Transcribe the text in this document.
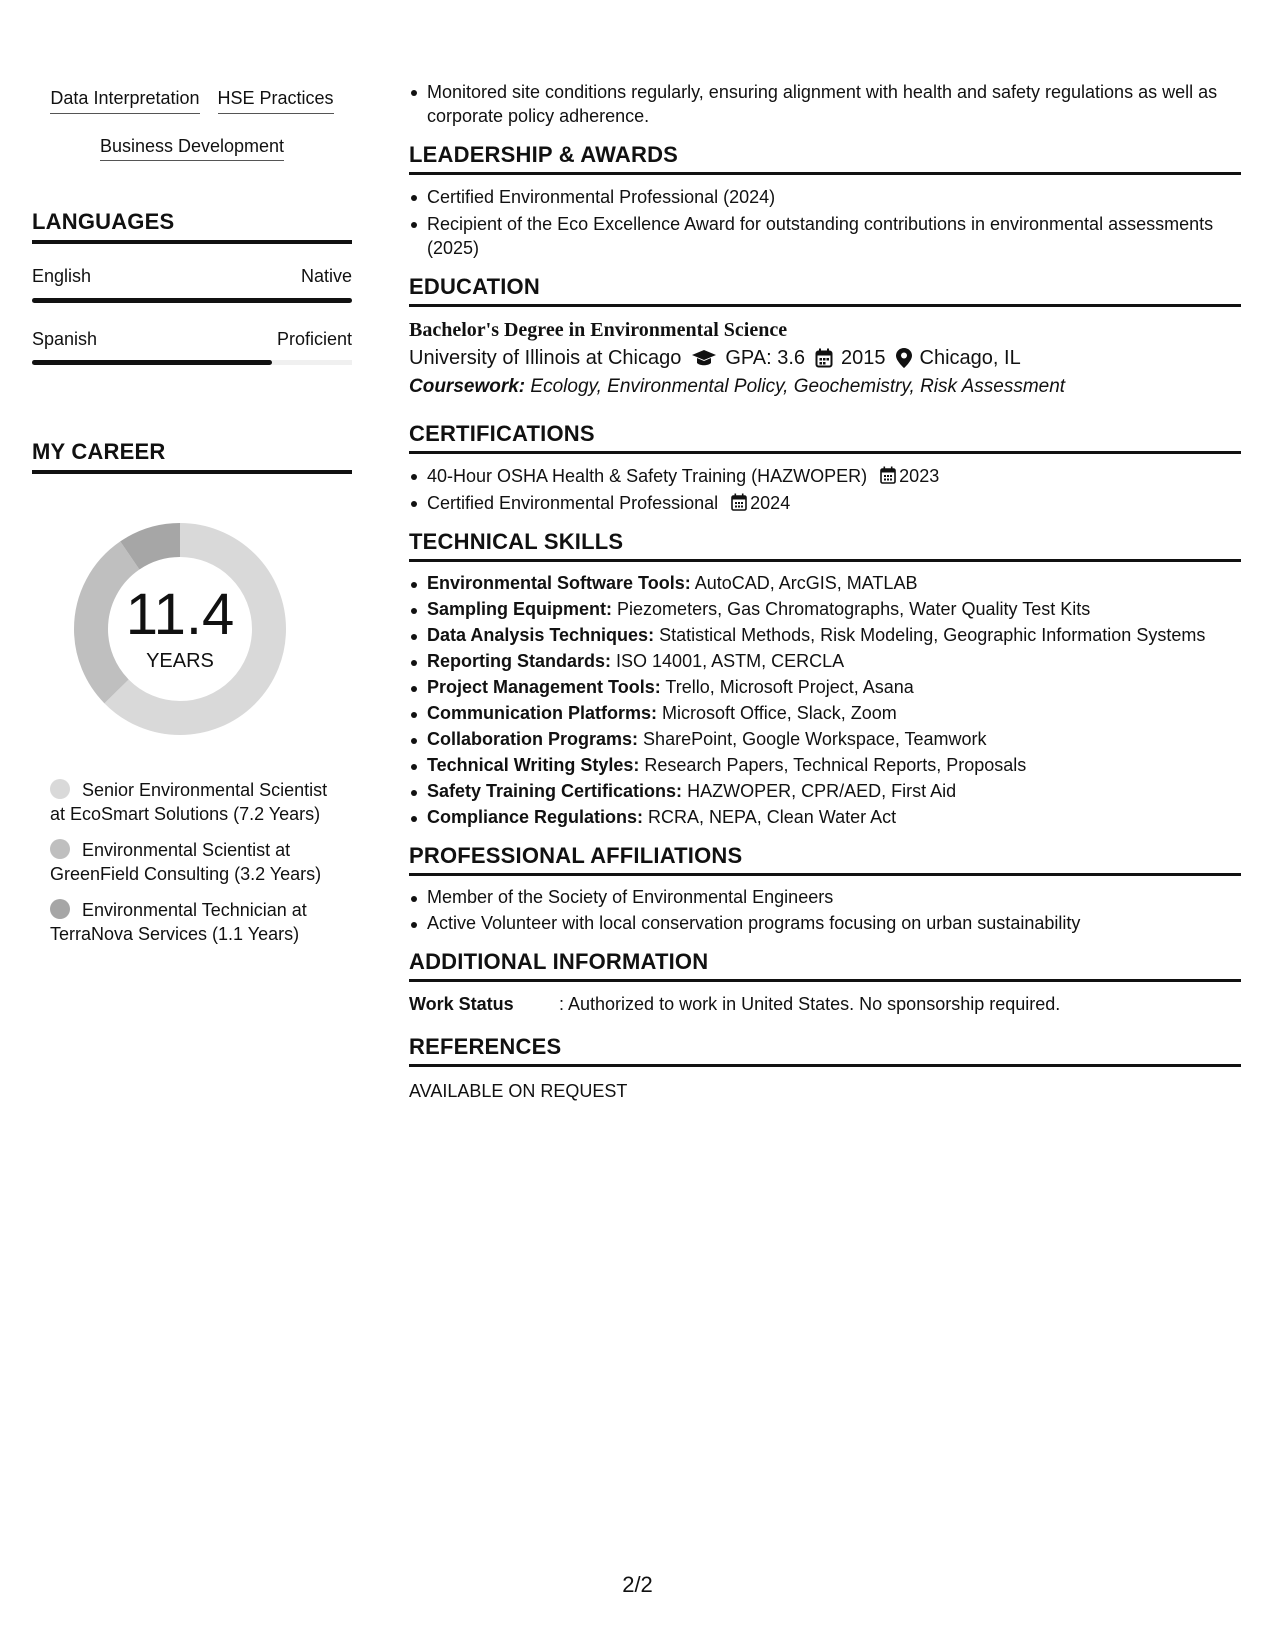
Data Interpretation HSE Practices
Business Development
LANGUAGES
English	Native
Spanish	Proficient
MY CAREER
11.4
YEARS
Senior Environmental Scientist at EcoSmart Solutions (7.2 Years)
Environmental Scientist at GreenField Consulting (3.2 Years)
Environmental Technician at TerraNova Services (1.1 Years)
Monitored site conditions regularly, ensuring alignment with health and safety regulations as well as corporate policy adherence.
LEADERSHIP & AWARDS
Certified Environmental Professional (2024)
Recipient of the Eco Excellence Award for outstanding contributions in environmental assessments (2025)
EDUCATION
Bachelor's Degree in Environmental Science
University of Illinois at Chicago GPA: 3.6 2015 Chicago, IL
Coursework: Ecology, Environmental Policy, Geochemistry, Risk Assessment
CERTIFICATIONS
40-Hour OSHA Health & Safety Training (HAZWOPER) 2023
Certified Environmental Professional 2024
TECHNICAL SKILLS
Environmental Software Tools: AutoCAD, ArcGIS, MATLAB
Sampling Equipment: Piezometers, Gas Chromatographs, Water Quality Test Kits
Data Analysis Techniques: Statistical Methods, Risk Modeling, Geographic Information Systems
Reporting Standards: ISO 14001, ASTM, CERCLA
Project Management Tools: Trello, Microsoft Project, Asana
Communication Platforms: Microsoft Office, Slack, Zoom
Collaboration Programs: SharePoint, Google Workspace, Teamwork
Technical Writing Styles: Research Papers, Technical Reports, Proposals
Safety Training Certifications: HAZWOPER, CPR/AED, First Aid
Compliance Regulations: RCRA, NEPA, Clean Water Act
PROFESSIONAL AFFILIATIONS
Member of the Society of Environmental Engineers
Active Volunteer with local conservation programs focusing on urban sustainability
ADDITIONAL INFORMATION
Work Status	: Authorized to work in United States. No sponsorship required.
REFERENCES
AVAILABLE ON REQUEST
2/2
